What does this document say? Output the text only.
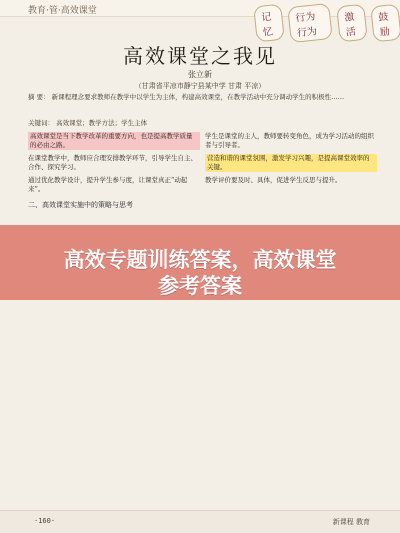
教育·管·高效课堂
记忆
行为行为
激活
鼓励
高效课堂之我见
张立新
（甘肃省平凉市静宁县某中学 甘肃 平凉）
摘 要： 新课程理念要求教师在教学中以学生为主体，构建高效课堂，在教学活动中充分调动学生的积极性……
关键词： 高效课堂；教学方法；学生主体
高效课堂是当下教学改革的重要方向，也是提高教学质量的必由之路。
在课堂教学中，教师应合理安排教学环节，引导学生自主、合作、探究学习。
通过优化教学设计，提升学生参与度，让课堂真正“动起来”。
二、高效课堂实施中的策略与思考
学生是课堂的主人，教师要转变角色，成为学习活动的组织者与引导者。
营造和谐的课堂氛围，激发学习兴趣，是提高课堂效率的关键。
教学评价要及时、具体，促进学生反思与提升。
高效专题训练答案，高效课堂
参考答案
·160·	新课程 教育
